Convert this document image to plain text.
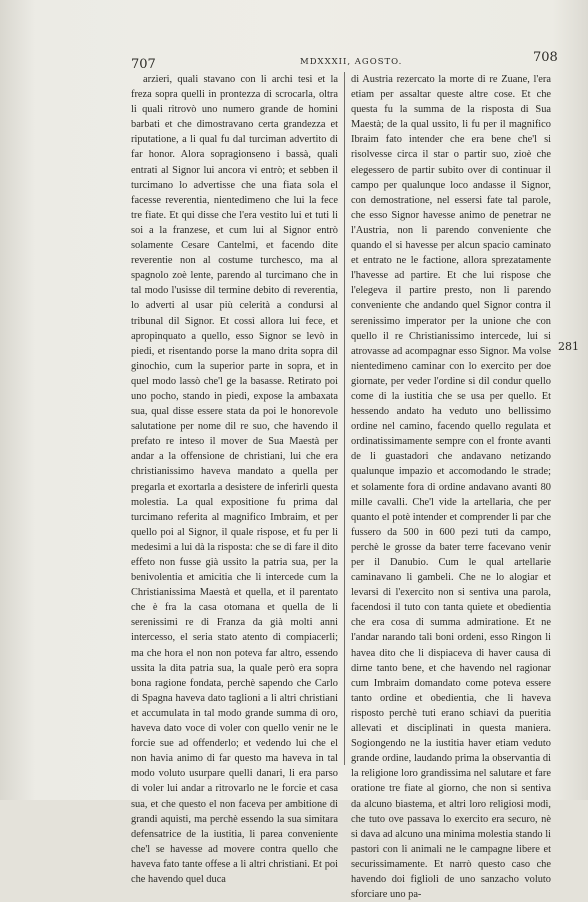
707	MDXXXII, AGOSTO.	708

arzieri, quali stavano con li archi tesi et la freza sopra quelli in prontezza di scrocarla, oltra li quali ritrovò uno numero grande de homini barbati et che dimostravano certa grandezza et riputatione, a li qual fu dal turciman advertito di far honor. Alora sopragionseno i bassà, quali entrati al Signor lui ancora vi entrò; et sebben il turcimano lo advertisse che una fiata sola el facesse reverentia, nientedimeno che lui la fece tre fiate. Et qui disse che l'era vestito lui et tuti li soi a la franzese, et cum lui al Signor entrò solamente Cesare Cantelmi, et facendo dite reverentie non al costume turchesco, ma al spagnolo zoè lente, parendo al turcimano che in tal modo l'usisse dil termine debito di reverentia, lo adverti al usar più celerità a condursi al tribunal dil Signor. Et cossì allora lui fece, et apropinquato a quello, esso Signor se levò in piedi, et risentando porse la mano drita sopra dil ginochio, cum la superior parte in sopra, et in quel modo lassò che'l ge la basasse. Retirato poi uno pocho, stando in piedi, expose la ambaxata sua, qual disse essere stata da poi le honorevole salutatione per nome dil re suo, che havendo il prefato re inteso il mover de Sua Maestà per andar a la offensione de christiani, lui che era christianissimo haveva mandato a quella per pregarla et exortarla a desistere de inferirli questa molestia. La qual expositione fu prima dal turcimano referita al magnifico Imbraim, et per quello poi al Signor, il quale rispose, et fu per li medesimi a lui dà la risposta: che se di fare il dito effeto non fusse già ussito la patria sua, per la benivolentia et amicitia che li intercede cum la Christianissima Maestà et quella, et il parentato che è fra la casa otomana et quella de li serenissimi re di Franza da già molti anni intercesso, el seria stato atento di compiacerli; ma che hora el non non poteva far altro, essendo ussita la dita patria sua, la quale però era sopra bona ragione fondata, perchè sapendo che Carlo di Spagna haveva dato taglioni a li altri christiani et accumulata in tal modo grande summa di oro, haveva dato voce di voler con quello venir ne le forcie sue ad offenderlo; et vedendo lui che el non havia animo di far questo ma haveva in tal modo voluto usurpare quelli danari, li era parso di voler lui andar a ritrovarlo ne le forcie et casa sua, et che questo el non faceva per ambitione di grandi aquisti, ma perchè essendo la sua simitara defensatrice de la iustitia, li parea conveniente che'l se havesse ad movere contra quello che haveva fato tante offese a li altri christiani. Et poi che havendo quel duca

di Austria rezercato la morte di re Zuane, l'era etiam per assaltar queste altre cose. Et che questa fu la summa de la risposta di Sua Maestà; de la qual ussito, li fu per il magnifico Ibraim fato intender che era bene che'l si risolvesse circa il star o partir suo, zioè che elegessero de partir subito over di continuar il campo per qualunque loco andasse il Signor, con demostratione, nel essersi fate tal parole, che esso Signor havesse animo de penetrar ne l'Austria, non li parendo conveniente che quando el si havesse per alcun spacio caminato et entrato ne le factione, allora sprezatamente l'havesse ad partire. Et che lui rispose che l'elegeva il partire presto, non li parendo conveniente che andando quel Signor contra il serenissimo imperator per la unione che con quello il re Christianissimo intercede, lui si atrovasse ad acompagnar esso Signor. Ma volse nientedimeno caminar con lo exercito per doe giornate, per veder l'ordine si dil condur quello come di la iustitia che se usa per quello. Et hessendo andato ha veduto uno bellissimo ordine nel camino, facendo quello regulata et ordinatissimamente sempre con el fronte avanti de li guastadori che andavano netizando qualunque impazio et accomodando le strade; et solamente fora di ordine andavano avanti 80 mille cavalli. Che'l vide la artellaria, che per quanto el potè intender et comprender li par che fussero da 500 in 600 pezi tuti da campo, perchè le grosse da bater terre facevano venir per il Danubio. Cum le qual artellarie caminavano li gambeli. Che ne lo alogiar et levarsi di l'exercito non si sentiva una parola, facendosi il tuto con tanta quiete et obedientia che era cosa di summa admiratione. Et ne l'andar narando tali boni ordeni, esso Ringon li havea dito che li dispiaceva di haver causa di dirne tanto bene, et che havendo nel ragionar cum Imbraim domandato come poteva essere tanto ordine et obedientia, che li haveva risposto perchè tuti erano schiavi da pueritia allevati et disciplinati in questa maniera. Sogiongendo ne la iustitia haver etiam veduto grande ordine, laudando prima la observantia di la religione loro grandissima nel salutare et fare oratione tre fiate al giorno, che non si sentiva da alcuno biastema, et altri loro religiosi modi, che tuto ove passava lo exercito era securo, nè si dava ad alcuno una minima molestia stando li pastori con li animali ne le campagne libere et securissimamente. Et narrò questo caso che havendo doi figlioli de uno sanzacho voluto sforciare uno pa-

281
